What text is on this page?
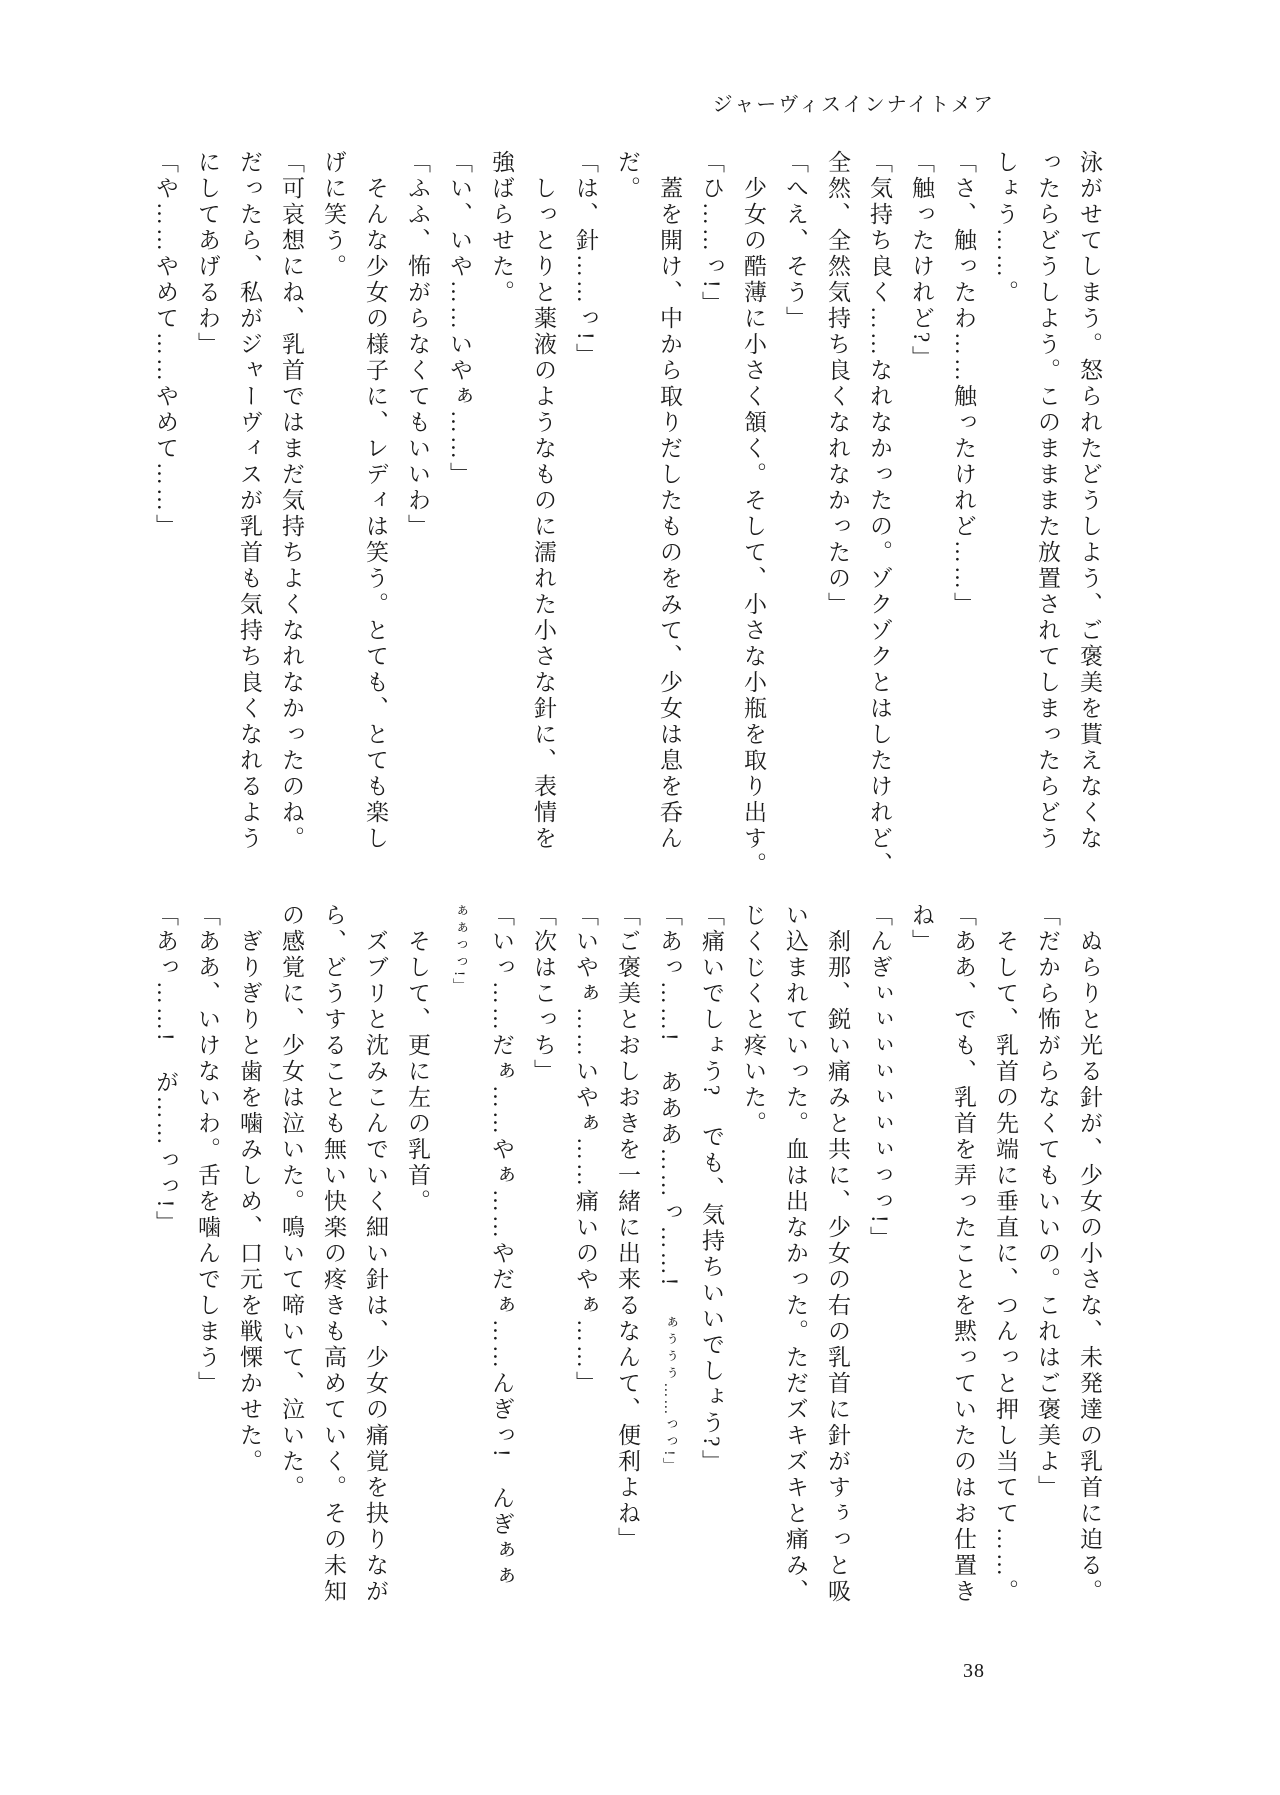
ジャーヴィスインナイトメア
泳がせてしまう。怒られたどうしよう、ご褒美を貰えなくな
ったらどうしよう。このまままた放置されてしまったらどう
しょう……。
「さ、触ったわ……触ったけれど……」
「触ったけれど?」
「気持ち良く……なれなかったの。ゾクゾクとはしたけれど、
全然、全然気持ち良くなれなかったの」
「へえ、そう」
　少女の酷薄に小さく頷く。そして、小さな小瓶を取り出す。
「ひ……っ!」
　蓋を開け、中から取りだしたものをみて、少女は息を呑ん
だ。
「は、針……っ!」
　しっとりと薬液のようなものに濡れた小さな針に、表情を
強ばらせた。
「い、いや……いやぁ……」
「ふふ、怖がらなくてもいいわ」
　そんな少女の様子に、レディは笑う。とても、とても楽し
げに笑う。
「可哀想にね、乳首ではまだ気持ちよくなれなかったのね。
だったら、私がジャーヴィスが乳首も気持ち良くなれるよう
にしてあげるわ」
「や……やめて……やめて……」
　ぬらりと光る針が、少女の小さな、未発達の乳首に迫る。
「だから怖がらなくてもいいの。これはご褒美よ」
　そして、乳首の先端に垂直に、つんっと押し当てて……。
「ああ、でも、乳首を弄ったことを黙っていたのはお仕置き
ね」
「んぎぃぃぃぃぃぃぃっっ!」
　刹那、鋭い痛みと共に、少女の右の乳首に針がすぅっと吸
い込まれていった。血は出なかった。ただズキズキと痛み、
じくじくと疼いた。
「痛いでしょう?　でも、気持ちいいでしょう?」
「あっ……!　あああ……っ……!　ぁぅぅぅ……っっ!」
「ご褒美とおしおきを一緒に出来るなんて、便利よね」
「いやぁ……いやぁ……痛いのやぁ……」
「次はこっち」
「いっ……だぁ……やぁ……やだぁ……んぎっ!　んぎぁぁ
ぁぁっっ!」
　そして、更に左の乳首。
　ズブリと沈みこんでいく細い針は、少女の痛覚を抉りなが
ら、どうすることも無い快楽の疼きも高めていく。その未知
の感覚に、少女は泣いた。鳴いて啼いて、泣いた。
　ぎりぎりと歯を噛みしめ、口元を戦慄かせた。
「ああ、いけないわ。舌を噛んでしまう」
「あっ……!　が……っっ!」
38
